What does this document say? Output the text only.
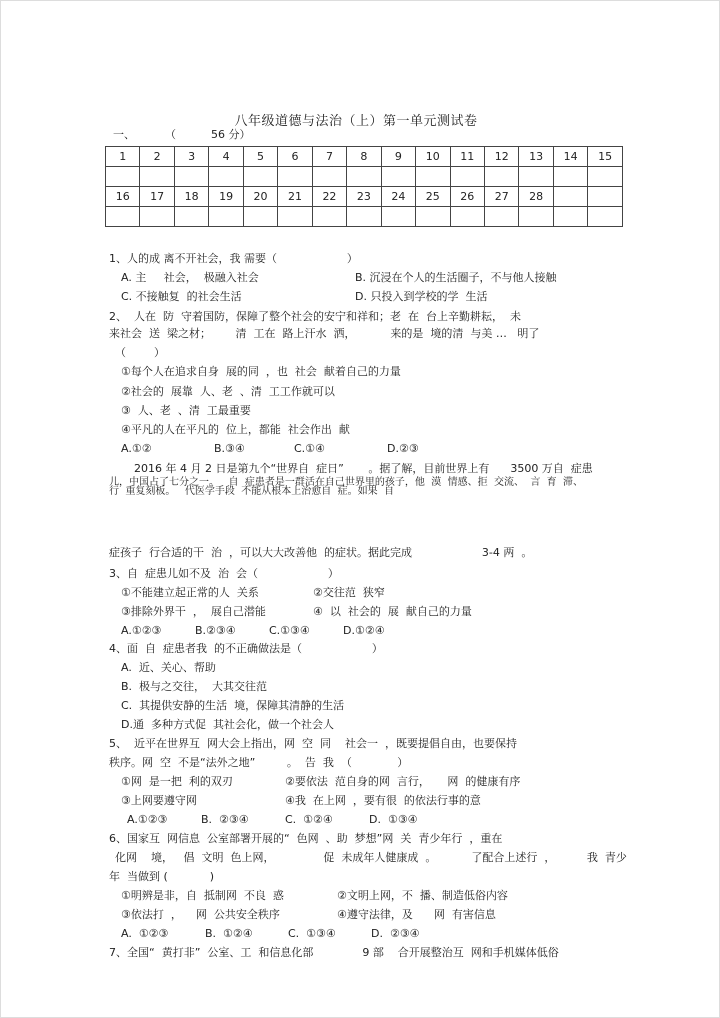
八年级道德与法治（上）第一单元测试卷
一、	（	56 分）
1	2	3	4	5	6	7	8	9	10	11	12	13	14	15

16	17	18	19	20	21	22	23	24	25	26	27	28		

1、人的成 离不开社会，我 需要（                    ）
A. 主     社会，  极融入社会	B. 沉浸在个人的生活圈子，不与他人接触
C. 不接触复  的社会生活	D. 只投入到学校的学  生活
2、  人在  防  守着国防，保障了整个社会的安宁和祥和；老  在  台上辛勤耕耘，  未
来社会  送  梁之材；       清  工在  路上汗水  洒，          来的是  境的清  与美 …   明了
（        ）
①每个人在追求自身  展的同  ，也  社会  献着自己的力量
②社会的  展靠  人、老  、清  工工作就可以
③  人、老  、清  工最重要
④平凡的人在平凡的  位上，都能  社会作出  献
A.①②	B.③④	C.①④	D.②③
2016 年 4 月 2 日是第九个“世界自  症日”       。据了解，目前世界上有      3500 万自  症患
儿，中国占了七分之一。   自  症患者是一群活在自己世界里的孩子，他  漠  情感、拒  交流、  言  育  滞、
行  重复刻板。   代医学手段  不能从根本上治愈自  症。如果  自
症孩子  行合适的干  治  ，可以大大改善他  的症状。据此完成                    3-4 两  。
3、自  症患儿如不及  治  会（                    ）
①不能建立起正常的人  关系	②交往范  狭窄
③排除外界干  ，  展自己潜能	④  以  社会的  展  献自己的力量
A.①②③	B.②③④	C.①③④	D.①②④
4、面  自  症患者我  的不正确做法是（                    ）
A.  近、关心、帮助
B.  极与之交往，  大其交往范
C.  其提供安静的生活  境，保障其清静的生活
D.通  多种方式促  其社会化，做一个社会人
5、  近平在世界互  网大会上指出，网  空  同    社会一  ，既要提倡自由，也要保持
秩序。网  空  不是“法外之地”         。  告  我  （             ）
①网  是一把  利的双刃	②要依法  范自身的网  言行，     网  的健康有序
③上网要遵守网	④我  在上网  ，要有很  的依法行事的意
A.①②③	B.  ②③④	C.  ①②④	D.  ①③④
6、国家互  网信息  公室部署开展的“  色网  、助  梦想”网  关  青少年行  ，重在
化网    境，   倡  文明  色上网，              促  未成年人健康成  。          了配合上述行  ，         我  青少
年  当做到 (            )
①明辨是非，自  抵制网  不良  惑	②文明上网，不  播、制造低俗内容
③依法打  ，    网  公共安全秩序	④遵守法律，及      网  有害信息
A.  ①②③	B.  ①②④	C.  ①③④	D.  ②③④
7、全国“  黄打非”  公室、工  和信息化部              9 部    合开展整治互  网和手机媒体低俗
